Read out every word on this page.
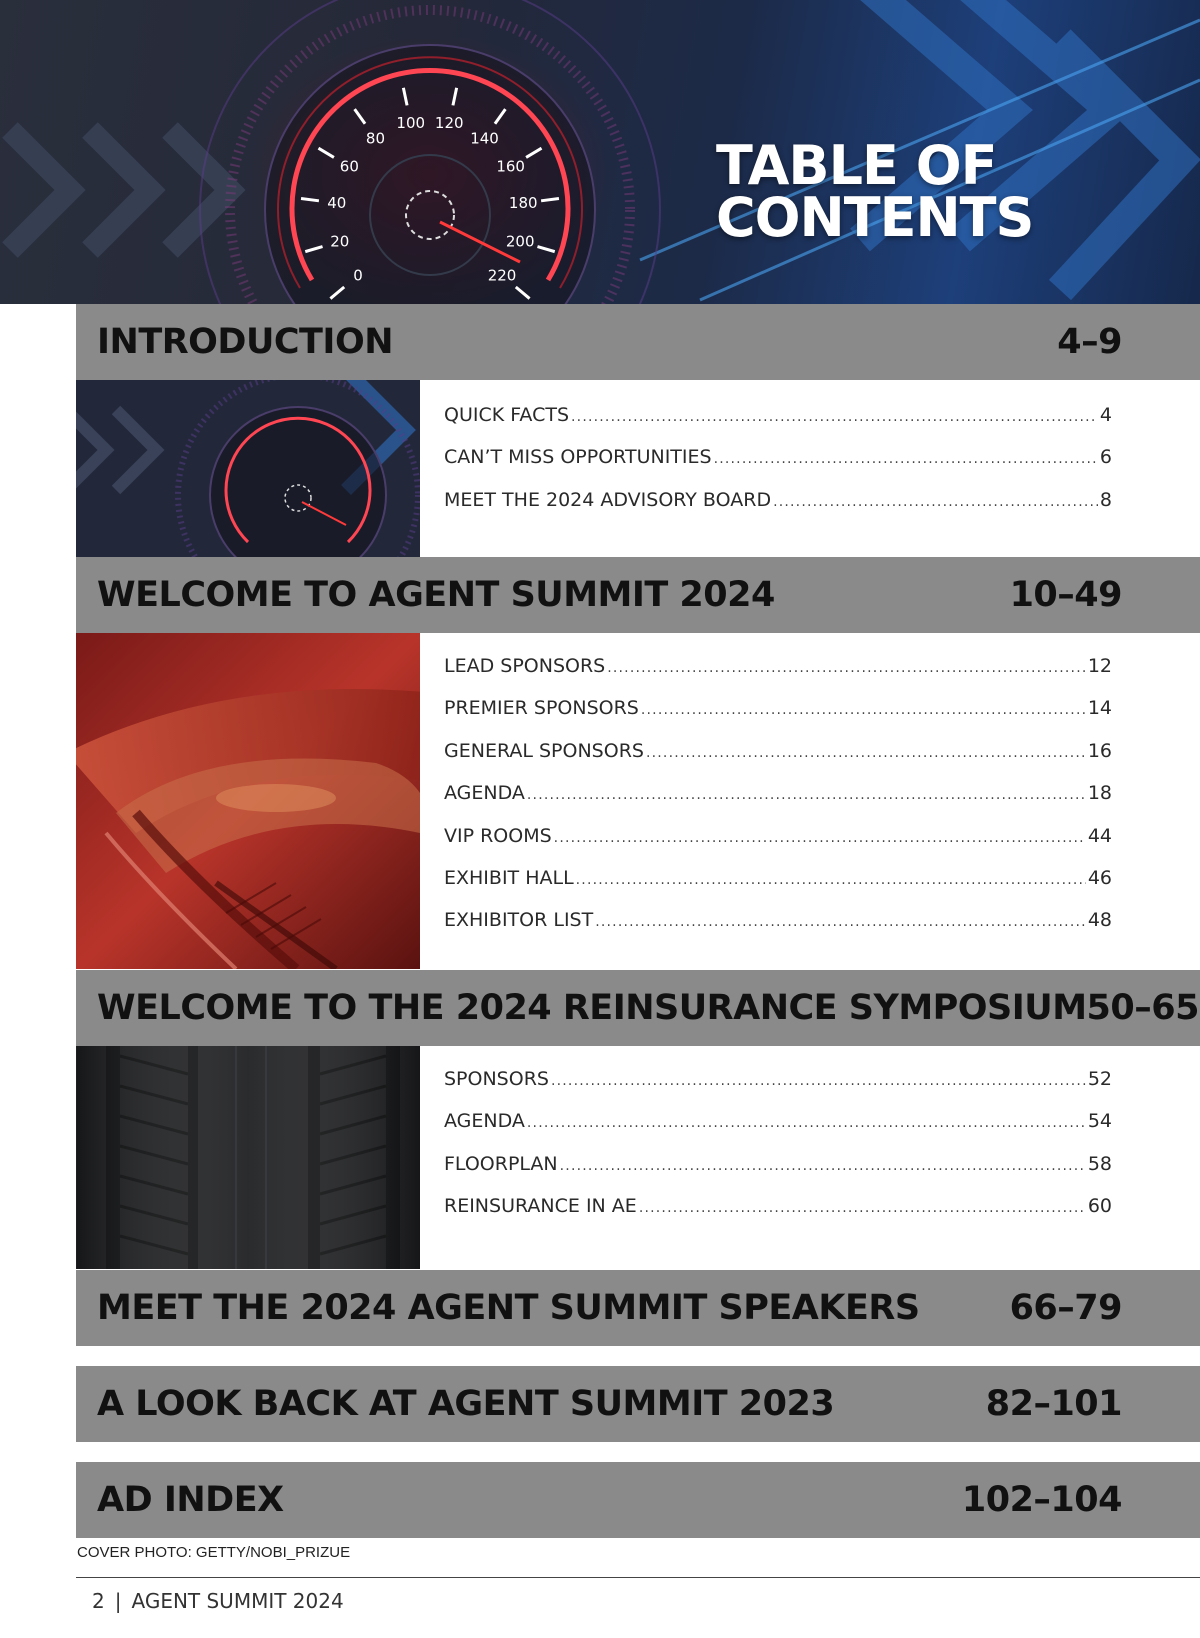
0
20
40
60
80
100 120
140
160
180
200
220
TABLE OF
CONTENTS
INTRODUCTION	4–9
QUICK FACTS .....	4
CAN’T MISS OPPORTUNITIES .....	6
MEET THE 2024 ADVISORY BOARD .....	8
WELCOME TO AGENT SUMMIT 2024	10–49
LEAD SPONSORS .....	12
PREMIER SPONSORS .....	14
GENERAL SPONSORS .....	16
AGENDA .....	18
VIP ROOMS .....	44
EXHIBIT HALL .....	46
EXHIBITOR LIST .....	48
WELCOME TO THE 2024 REINSURANCE SYMPOSIUM 50–65
SPONSORS .....	52
AGENDA .....	54
FLOORPLAN .....	58
REINSURANCE IN AE .....	60
MEET THE 2024 AGENT SUMMIT SPEAKERS	66–79
A LOOK BACK AT AGENT SUMMIT 2023	82–101
AD INDEX	102–104
COVER PHOTO: GETTY/NOBI_PRIZUE
2 | AGENT SUMMIT 2024
